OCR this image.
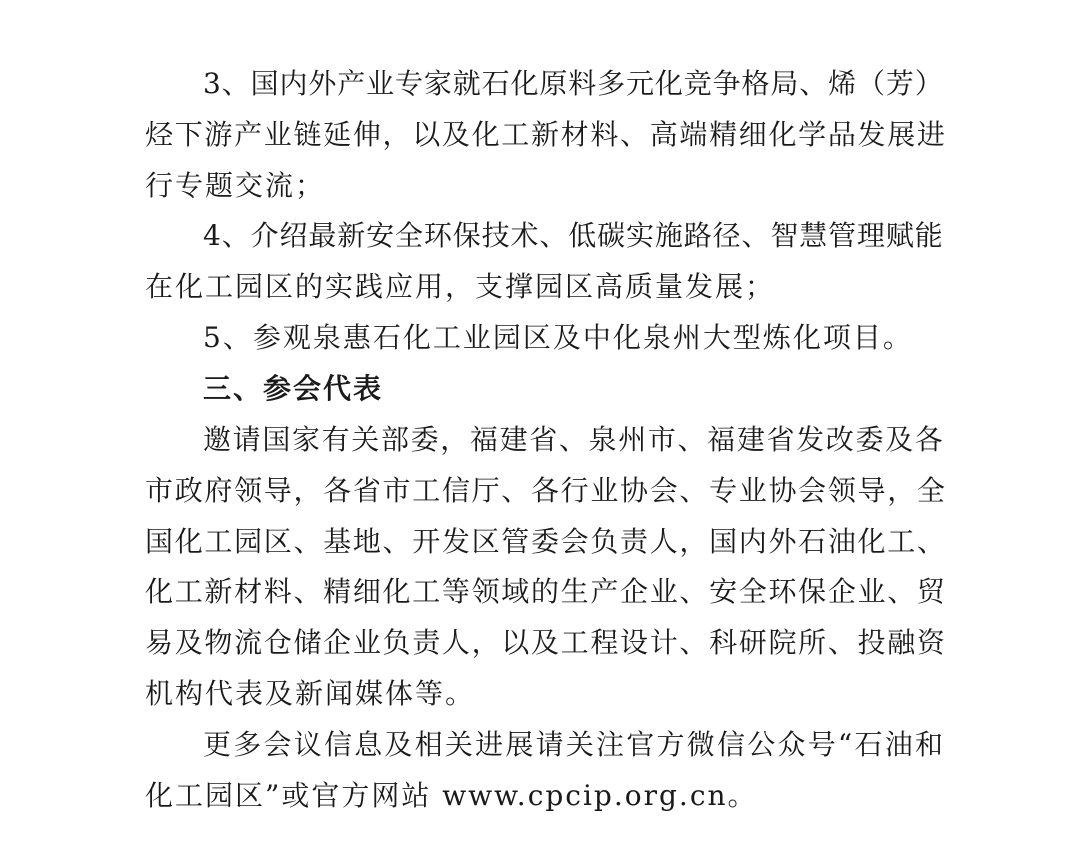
3 、 国 内 外 产 业 专 家 就 石 化 原 料 多 元 化 竞 争 格 局 、 烯 （ 芳 ）
烃 下 游 产 业 链 延 伸 ， 以 及 化 工 新 材 料 、 高 端 精 细 化 学 品 发 展 进
行专题交流；
4 、 介 绍 最 新 安 全 环 保 技 术 、 低 碳 实 施 路 径 、 智 慧 管 理 赋 能
在化工园区的实践应用，支撑园区高质量发展；
5、参观泉惠石化工业园区及中化泉州大型炼化项目。
三、参会代表
邀 请 国 家 有 关 部 委 ， 福 建 省 、 泉 州 市 、 福 建 省 发 改 委 及 各
市 政 府 领 导 ， 各 省 市 工 信 厅 、 各 行 业 协 会 、 专 业 协 会 领 导 ， 全
国 化 工 园 区 、 基 地 、 开 发 区 管 委 会 负 责 人 ， 国 内 外 石 油 化 工 、
化 工 新 材 料 、 精 细 化 工 等 领 域 的 生 产 企 业 、 安 全 环 保 企 业 、 贸
易 及 物 流 仓 储 企 业 负 责 人 ， 以 及 工 程 设 计 、 科 研 院 所 、 投 融 资
机构代表及新闻媒体等。
更 多 会 议 信 息 及 相 关 进 展 请 关 注 官 方 微 信 公 众 号 “ 石 油 和
化工园区”或官方网站 www.cpcip.org.cn。
